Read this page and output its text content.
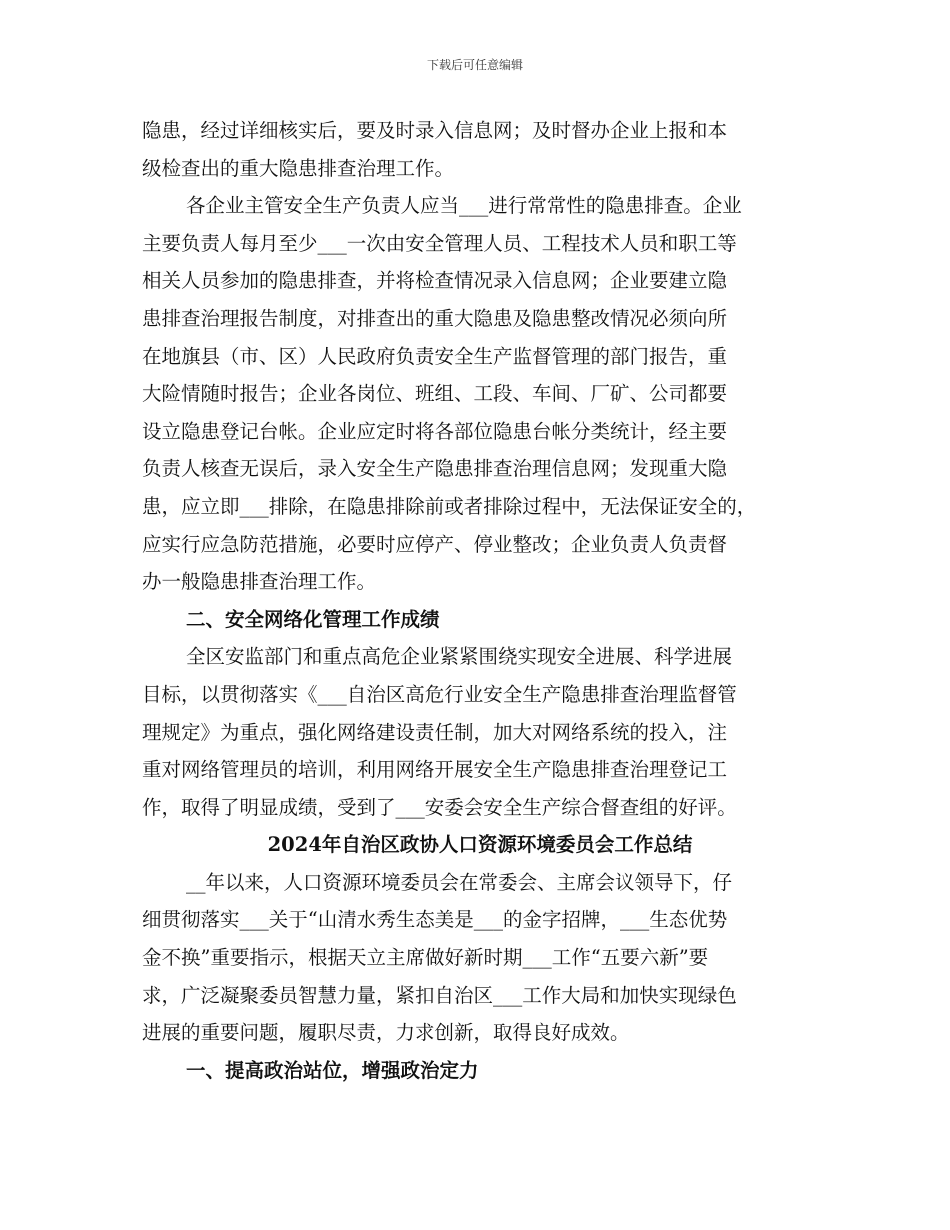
下载后可任意编辑
隐患，经过详细核实后，要及时录入信息网；及时督办企业上报和本
级检查出的重大隐患排查治理工作。
各企业主管安全生产负责人应当___进行常常性的隐患排查。企业
主要负责人每月至少___一次由安全管理人员、工程技术人员和职工等
相关人员参加的隐患排查，并将检查情况录入信息网；企业要建立隐
患排查治理报告制度，对排查出的重大隐患及隐患整改情况必须向所
在地旗县（市、区）人民政府负责安全生产监督管理的部门报告，重
大险情随时报告；企业各岗位、班组、工段、车间、厂矿、公司都要
设立隐患登记台帐。企业应定时将各部位隐患台帐分类统计，经主要
负责人核查无误后，录入安全生产隐患排查治理信息网；发现重大隐
患，应立即___排除，在隐患排除前或者排除过程中，无法保证安全的，
应实行应急防范措施，必要时应停产、停业整改；企业负责人负责督
办一般隐患排查治理工作。
二、安全网络化管理工作成绩
全区安监部门和重点高危企业紧紧围绕实现安全进展、科学进展
目标，以贯彻落实《___自治区高危行业安全生产隐患排查治理监督管
理规定》为重点，强化网络建设责任制，加大对网络系统的投入，注
重对网络管理员的培训，利用网络开展安全生产隐患排查治理登记工
作，取得了明显成绩，受到了___安委会安全生产综合督查组的好评。
2024年自治区政协人口资源环境委员会工作总结
__年以来，人口资源环境委员会在常委会、主席会议领导下，仔
细贯彻落实___关于“山清水秀生态美是___的金字招牌，___生态优势
金不换”重要指示，根据天立主席做好新时期___工作“五要六新”要
求，广泛凝聚委员智慧力量，紧扣自治区___工作大局和加快实现绿色
进展的重要问题，履职尽责，力求创新，取得良好成效。
一、提高政治站位，增强政治定力
